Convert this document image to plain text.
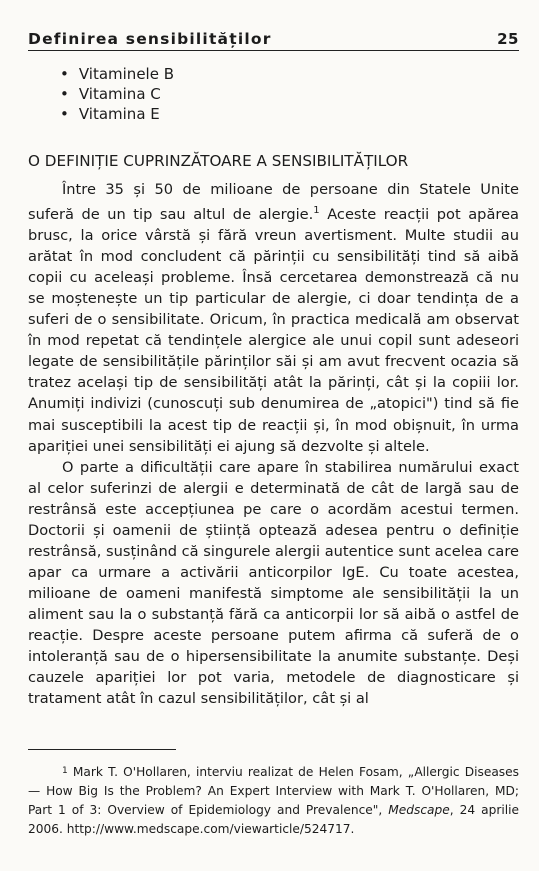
Definirea sensibilităților	25
• Vitaminele B
• Vitamina C
• Vitamina E
O DEFINIȚIE CUPRINZĂTOARE A SENSIBILITĂȚILOR

Între 35 și 50 de milioane de persoane din Statele Unite suferă de un tip sau altul de alergie.$^1$ Aceste reacții pot apărea brusc, la orice vârstă și fără vreun avertisment. Multe studii au arătat în mod concludent că părinții cu sensibilități tind să aibă copii cu aceleași probleme. Însă cercetarea demonstrează că nu se moștenește un tip particular de alergie, ci doar tendința de a suferi de o sensibilitate. Oricum, în practica medicală am observat în mod repetat că tendințele alergice ale unui copil sunt adeseori legate de sensibilitățile părinților săi și am avut frecvent ocazia să tratez același tip de sensibilități atât la părinți, cât și la copiii lor. Anumiți indivizi (cunoscuți sub denumirea de „atopici") tind să fie mai susceptibili la acest tip de reacții și, în mod obișnuit, în urma apariției unei sensibilități ei ajung să dezvolte și altele.

O parte a dificultății care apare în stabilirea numărului exact al celor suferinzi de alergii e determinată de cât de largă sau de restrânsă este accepțiunea pe care o acordăm acestui termen. Doctorii și oamenii de știință optează adesea pentru o definiție restrânsă, susținând că singurele alergii autentice sunt acelea care apar ca urmare a activării anticorpilor IgE. Cu toate acestea, milioane de oameni manifestă simptome ale sensibilității la un aliment sau la o substanță fără ca anticorpii lor să aibă o astfel de reacție. Despre aceste persoane putem afirma că suferă de o intoleranță sau de o hipersensibilitate la anumite substanțe. Deși cauzele apariției lor pot varia, metodele de diagnosticare și tratament atât în cazul sensibilităților, cât și al

$^1$ Mark T. O'Hollaren, interviu realizat de Helen Fosam, „Allergic Diseases — How Big Is the Problem? An Expert Interview with Mark T. O'Hollaren, MD; Part 1 of 3: Overview of Epidemiology and Prevalence", Medscape, 24 aprilie 2006. http://www.medscape.com/viewarticle/524717.
